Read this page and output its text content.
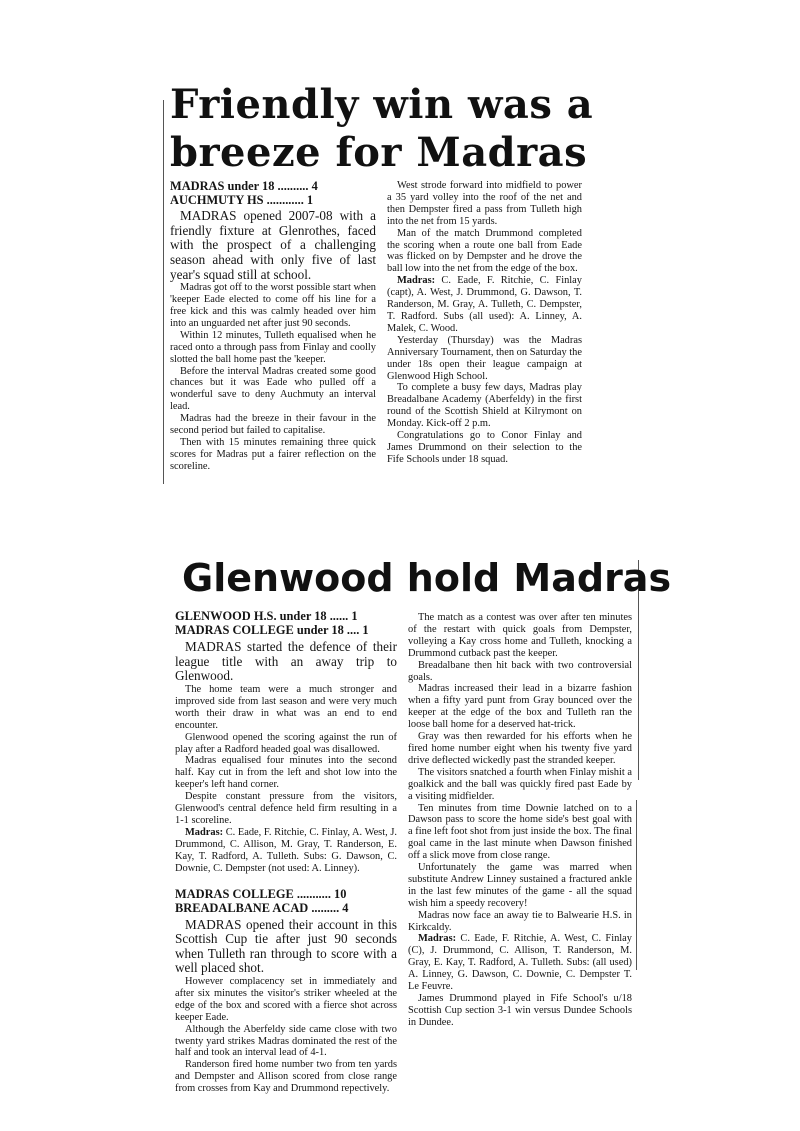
Friendly win was a
breeze for Madras

MADRAS under 18 .......... 4

AUCHMUTY HS ............ 1

MADRAS opened 2007-08 with a friendly fixture at Glenrothes, faced with the prospect of a challenging season ahead with only five of last year's squad still at school.

Madras got off to the worst possible start when 'keeper Eade elected to come off his line for a free kick and this was calmly headed over him into an unguarded net after just 90 seconds.

Within 12 minutes, Tulleth equalised when he raced onto a through pass from Finlay and coolly slotted the ball home past the 'keeper.

Before the interval Madras created some good chances but it was Eade who pulled off a wonderful save to deny Auchmuty an interval lead.

Madras had the breeze in their favour in the second period but failed to capitalise.

Then with 15 minutes remaining three quick scores for Madras put a fairer reflection on the scoreline.

West strode forward into midfield to power a 35 yard volley into the roof of the net and then Dempster fired a pass from Tulleth high into the net from 15 yards.

Man of the match Drummond completed the scoring when a route one ball from Eade was flicked on by Dempster and he drove the ball low into the net from the edge of the box.

Madras: C. Eade, F. Ritchie, C. Finlay (capt), A. West, J. Drummond, G. Dawson, T. Randerson, M. Gray, A. Tulleth, C. Dempster, T. Radford. Subs (all used): A. Linney, A. Malek, C. Wood.

Yesterday (Thursday) was the Madras Anniversary Tournament, then on Saturday the under 18s open their league campaign at Glenwood High School.

To complete a busy few days, Madras play Breadalbane Academy (Aberfeldy) in the first round of the Scottish Shield at Kilrymont on Monday. Kick-off 2 p.m.

Congratulations go to Conor Finlay and James Drummond on their selection to the Fife Schools under 18 squad.

Glenwood hold Madras

GLENWOOD H.S. under 18 ...... 1

MADRAS COLLEGE under 18 .... 1

MADRAS started the defence of their league title with an away trip to Glenwood.

The home team were a much stronger and improved side from last season and were very much worth their draw in what was an end to end encounter.

Glenwood opened the scoring against the run of play after a Radford headed goal was disallowed.

Madras equalised four minutes into the second half. Kay cut in from the left and shot low into the keeper's left hand corner.

Despite constant pressure from the visitors, Glenwood's central defence held firm resulting in a 1-1 scoreline.

Madras: C. Eade, F. Ritchie, C. Finlay, A. West, J. Drummond, C. Allison, M. Gray, T. Randerson, E. Kay, T. Radford, A. Tulleth. Subs: G. Dawson, C. Downie, C. Dempster (not used: A. Linney).

MADRAS COLLEGE ........... 10

BREADALBANE ACAD ......... 4

MADRAS opened their account in this Scottish Cup tie after just 90 seconds when Tulleth ran through to score with a well placed shot.

However complacency set in immediately and after six minutes the visitor's striker wheeled at the edge of the box and scored with a fierce shot across keeper Eade.

Although the Aberfeldy side came close with two twenty yard strikes Madras dominated the rest of the half and took an interval lead of 4-1.

Randerson fired home number two from ten yards and Dempster and Allison scored from close range from crosses from Kay and Drummond repectively.

The match as a contest was over after ten minutes of the restart with quick goals from Dempster, volleying a Kay cross home and Tulleth, knocking a Drummond cutback past the keeper.

Breadalbane then hit back with two controversial goals.

Madras increased their lead in a bizarre fashion when a fifty yard punt from Gray bounced over the keeper at the edge of the box and Tulleth ran the loose ball home for a deserved hat-trick.

Gray was then rewarded for his efforts when he fired home number eight when his twenty five yard drive deflected wickedly past the stranded keeper.

The visitors snatched a fourth when Finlay mishit a goalkick and the ball was quickly fired past Eade by a visiting midfielder.

Ten minutes from time Downie latched on to a Dawson pass to score the home side's best goal with a fine left foot shot from just inside the box. The final goal came in the last minute when Dawson finished off a slick move from close range.

Unfortunately the game was marred when substitute Andrew Linney sustained a fractured ankle in the last few minutes of the game - all the squad wish him a speedy recovery!

Madras now face an away tie to Balwearie H.S. in Kirkcaldy.

Madras: C. Eade, F. Ritchie, A. West, C. Finlay (C), J. Drummond, C. Allison, T. Randerson, M. Gray, E. Kay, T. Radford, A. Tulleth. Subs: (all used) A. Linney, G. Dawson, C. Downie, C. Dempster T. Le Feuvre.

James Drummond played in Fife School's u/18 Scottish Cup section 3-1 win versus Dundee Schools in Dundee.
